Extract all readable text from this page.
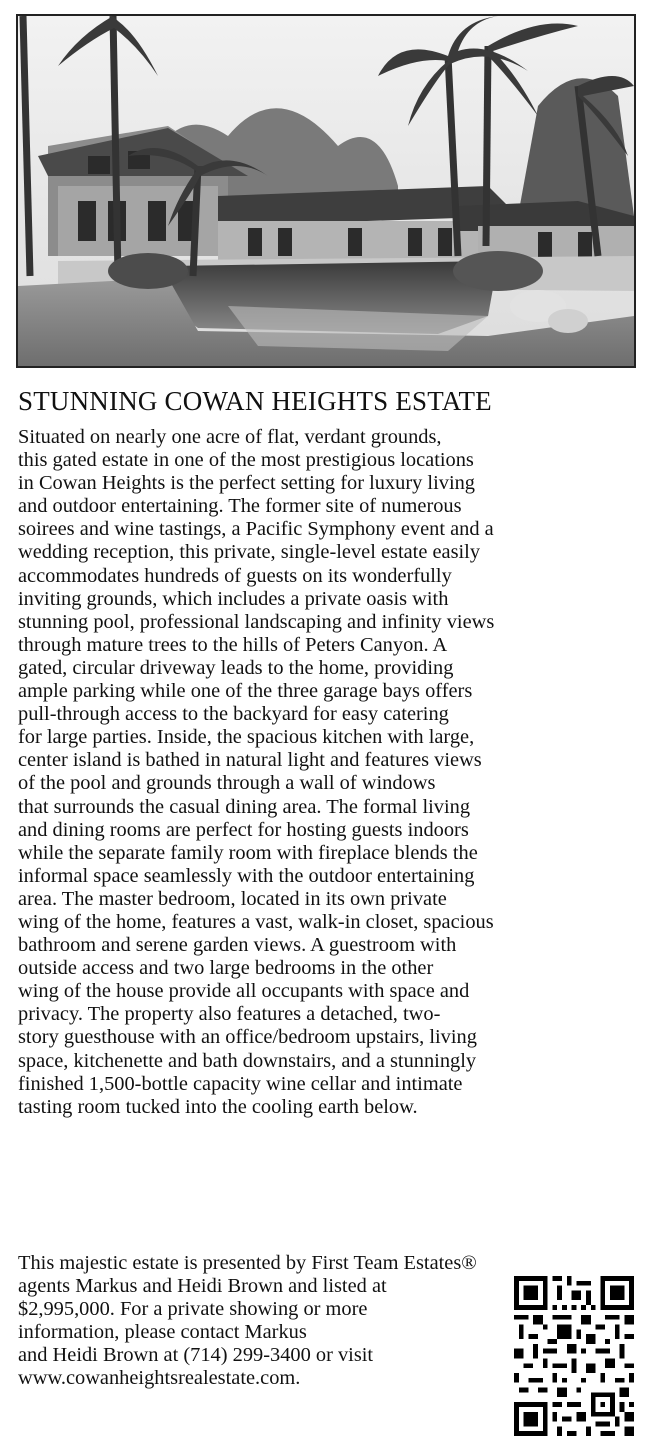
STUNNING COWAN HEIGHTS ESTATE

Situated on nearly one acre of flat, verdant grounds,
this gated estate in one of the most prestigious locations
in Cowan Heights is the perfect setting for luxury living
and outdoor entertaining. The former site of numerous
soirees and wine tastings, a Pacific Symphony event and a
wedding reception, this private, single-level estate easily
accommodates hundreds of guests on its wonderfully
inviting grounds, which includes a private oasis with
stunning pool, professional landscaping and infinity views
through mature trees to the hills of Peters Canyon. A
gated, circular driveway leads to the home, providing
ample parking while one of the three garage bays offers
pull-through access to the backyard for easy catering
for large parties. Inside, the spacious kitchen with large,
center island is bathed in natural light and features views
of the pool and grounds through a wall of windows
that surrounds the casual dining area. The formal living
and dining rooms are perfect for hosting guests indoors
while the separate family room with fireplace blends the
informal space seamlessly with the outdoor entertaining
area. The master bedroom, located in its own private
wing of the home, features a vast, walk-in closet, spacious
bathroom and serene garden views. A guestroom with
outside access and two large bedrooms in the other
wing of the house provide all occupants with space and
privacy. The property also features a detached, two-
story guesthouse with an office/bedroom upstairs, living
space, kitchenette and bath downstairs, and a stunningly
finished 1,500-bottle capacity wine cellar and intimate
tasting room tucked into the cooling earth below.

This majestic estate is presented by First Team Estates®
agents Markus and Heidi Brown and listed at
$2,995,000. For a private showing or more
information, please contact Markus
and Heidi Brown at (714) 299-3400 or visit
www.cowanheightsrealestate.com.
